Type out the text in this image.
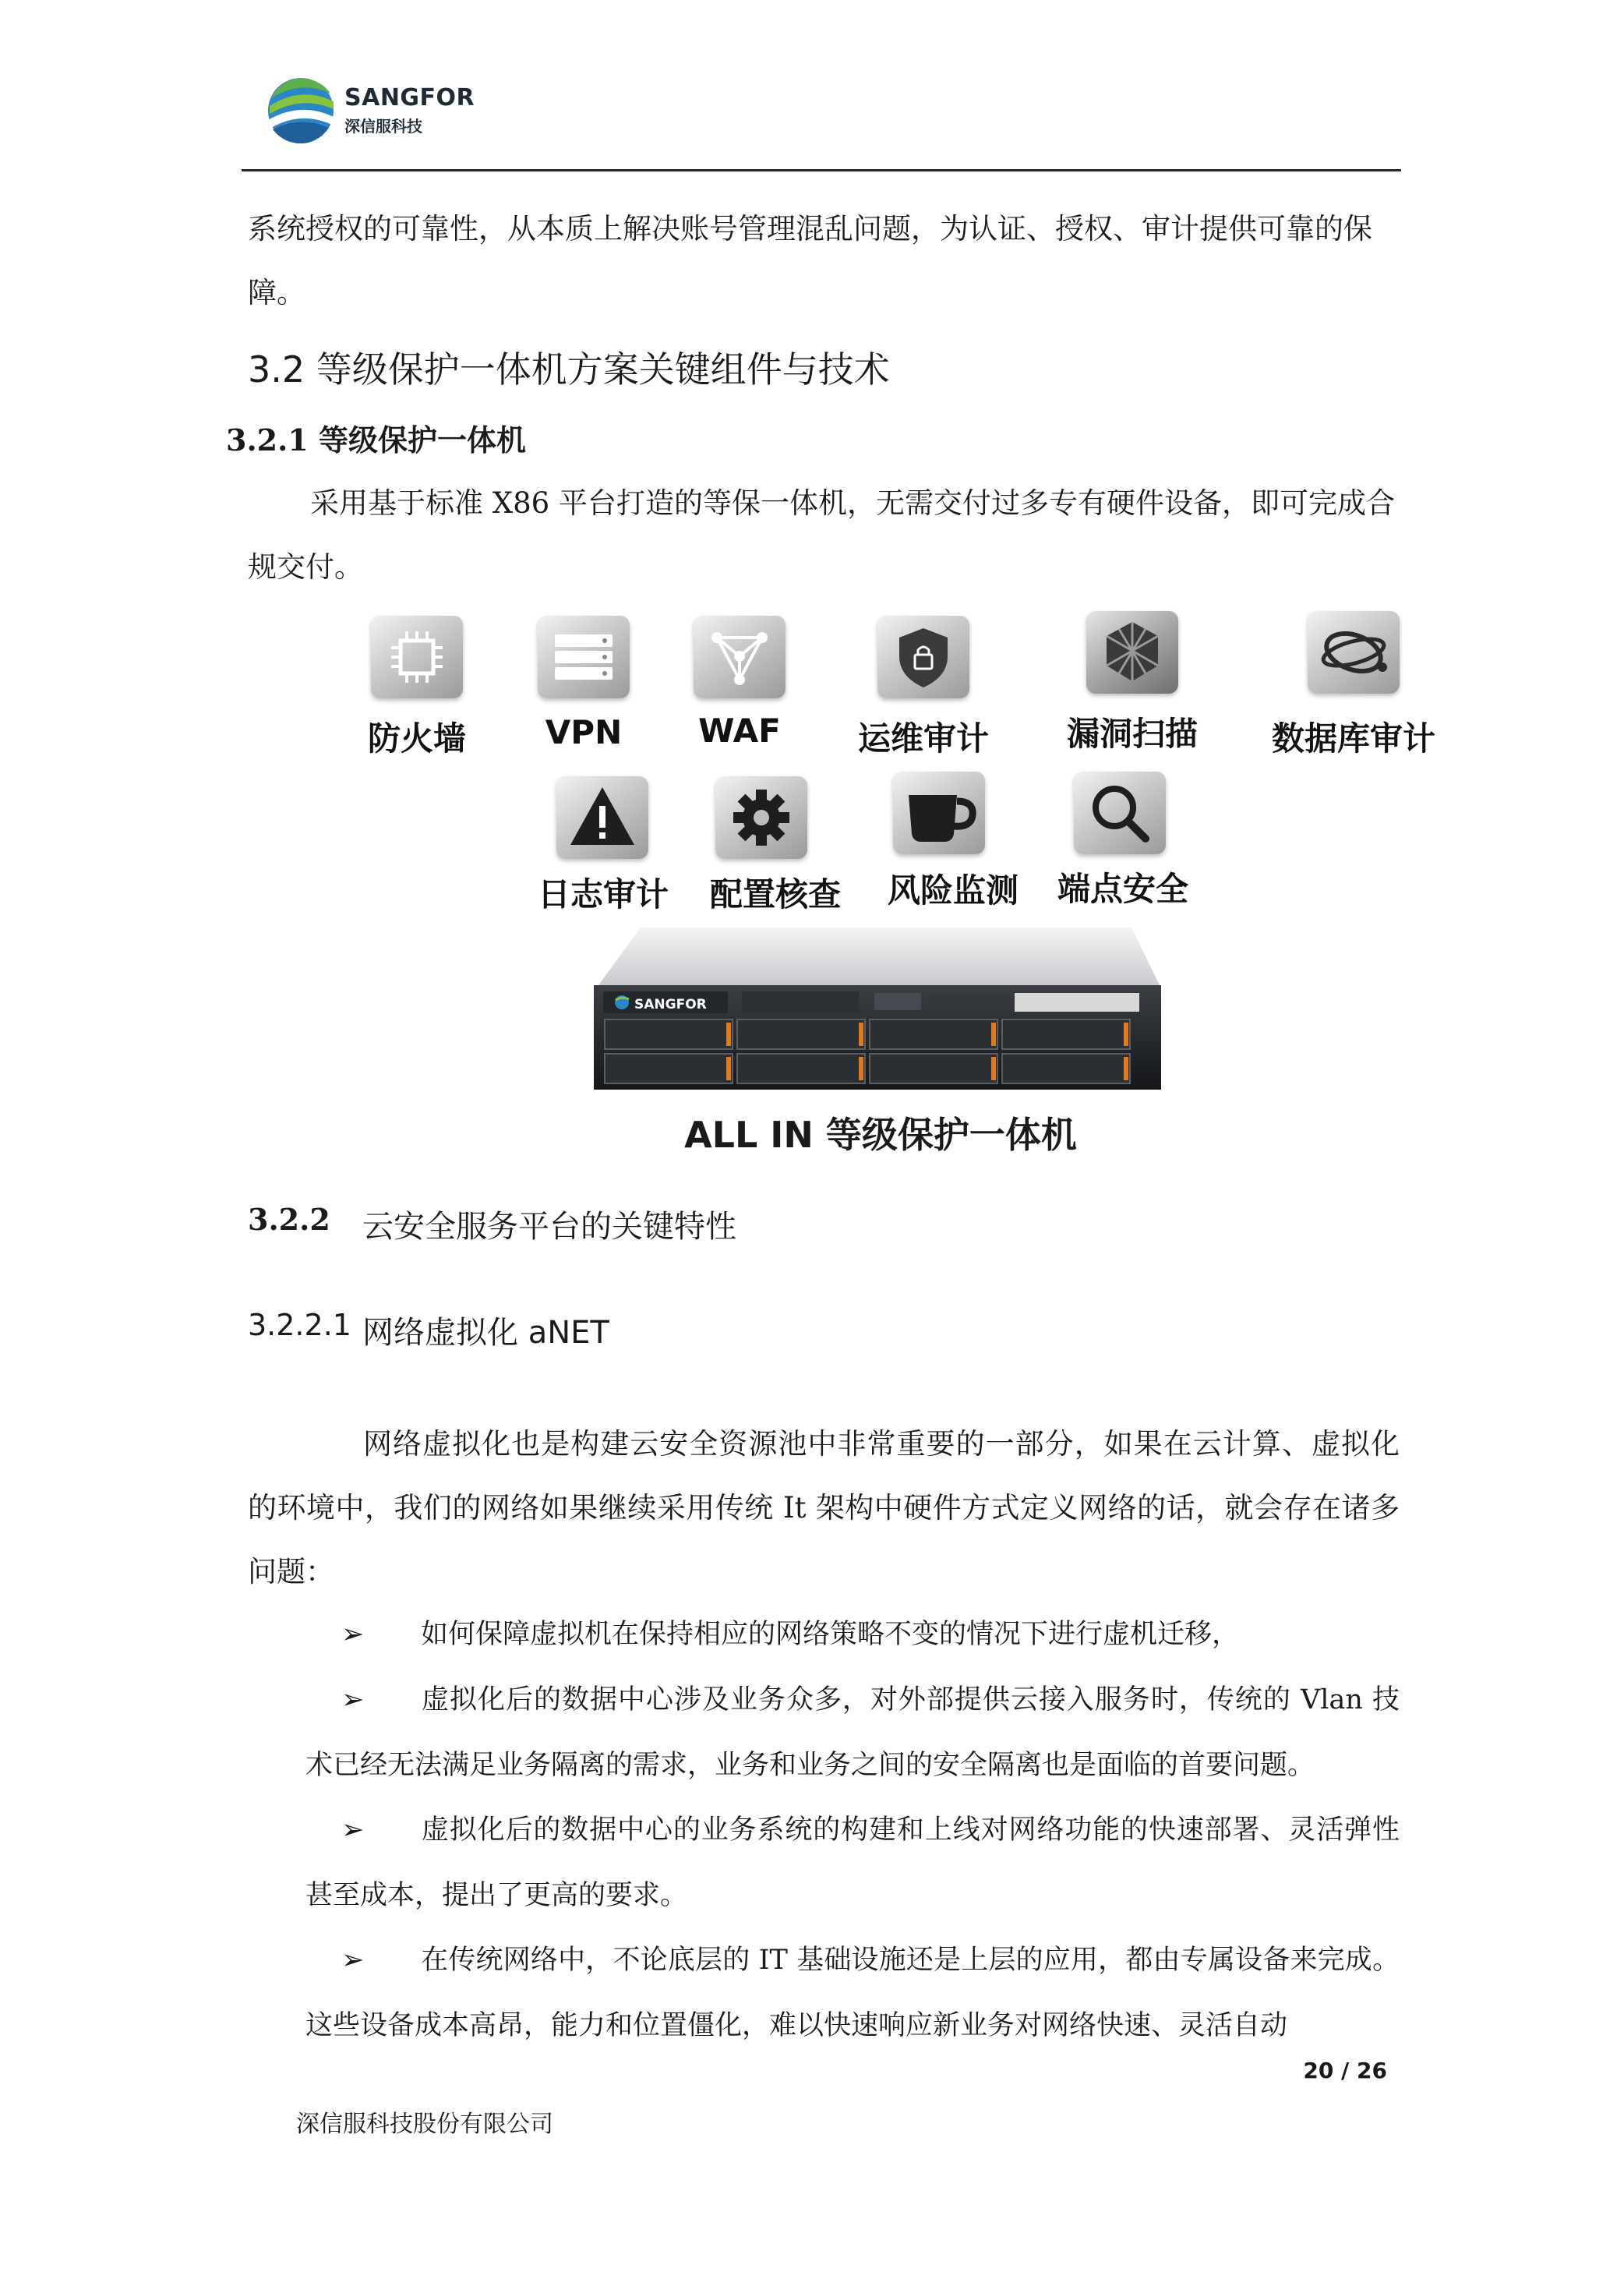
SANGFOR
深信服科技
系统授权的可靠性，从本质上解决账号管理混乱问题，为认证、授权、审计提供可靠的保障。
3.2 等级保护一体机方案关键组件与技术
3.2.1 等级保护一体机
采用基于标准 X86 平台打造的等保一体机，无需交付过多专有硬件设备，即可完成合规交付。
防火墙	VPN	WAF	运维审计	漏洞扫描	数据库审计
日志审计	配置核查	风险监测	端点安全
SANGFOR
ALL IN 等级保护一体机
3.2.2 云安全服务平台的关键特性
3.2.2.1 网络虚拟化 aNET
网络虚拟化也是构建云安全资源池中非常重要的一部分，如果在云计算、虚拟化的环境中，我们的网络如果继续采用传统 It 架构中硬件方式定义网络的话，就会存在诸多问题：
➢ 如何保障虚拟机在保持相应的网络策略不变的情况下进行虚机迁移，
➢ 虚拟化后的数据中心涉及业务众多，对外部提供云接入服务时，传统的 Vlan 技术已经无法满足业务隔离的需求，业务和业务之间的安全隔离也是面临的首要问题。
➢ 虚拟化后的数据中心的业务系统的构建和上线对网络功能的快速部署、灵活弹性甚至成本，提出了更高的要求。
➢ 在传统网络中，不论底层的 IT 基础设施还是上层的应用，都由专属设备来完成。这些设备成本高昂，能力和位置僵化，难以快速响应新业务对网络快速、灵活自动
20 / 26
深信服科技股份有限公司
